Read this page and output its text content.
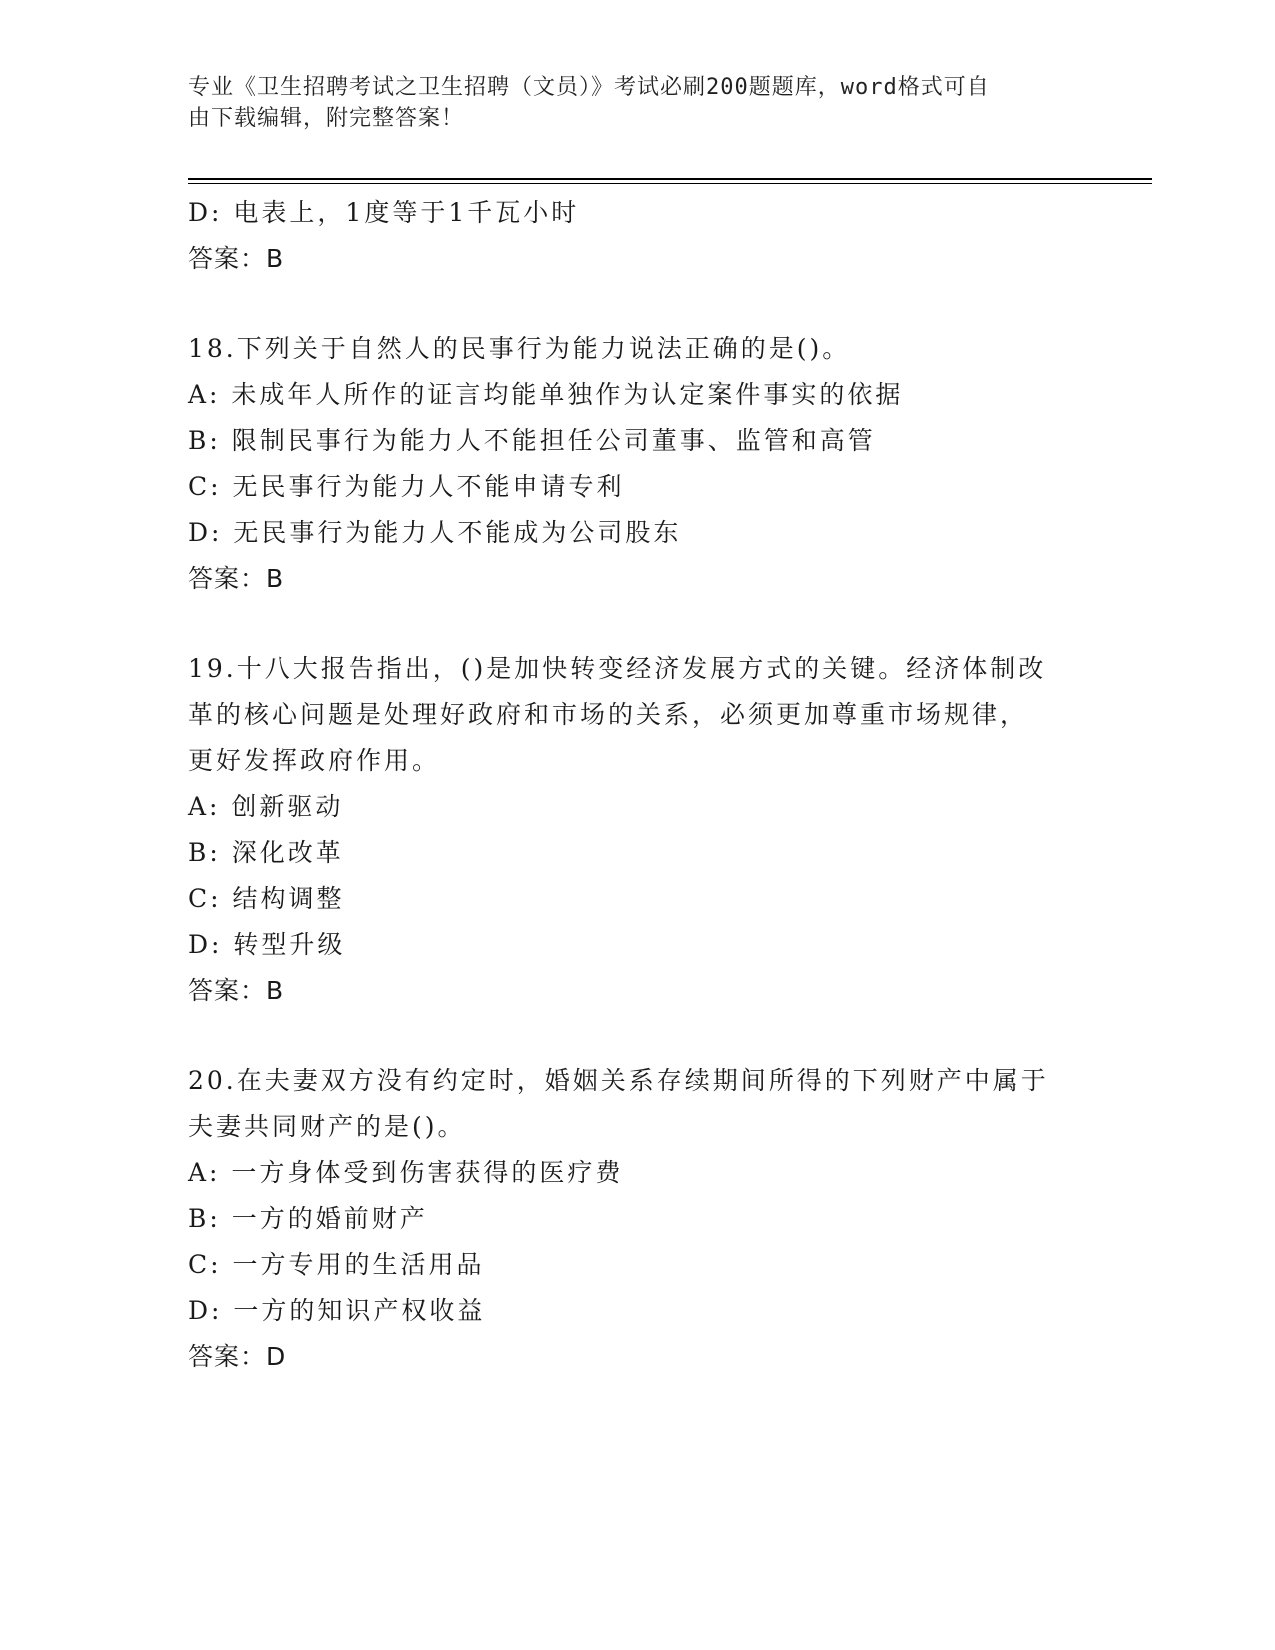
专业《卫生招聘考试之卫生招聘（文员）》考试必刷200题题库，word格式可自
由下载编辑，附完整答案！
D: 电表上，1度等于1千瓦小时
答案：B
18.下列关于自然人的民事行为能力说法正确的是()。
A: 未成年人所作的证言均能单独作为认定案件事实的依据
B: 限制民事行为能力人不能担任公司董事、监管和高管
C: 无民事行为能力人不能申请专利
D: 无民事行为能力人不能成为公司股东
答案：B
19.十八大报告指出，()是加快转变经济发展方式的关键。经济体制改
革的核心问题是处理好政府和市场的关系，必须更加尊重市场规律，
更好发挥政府作用。
A: 创新驱动
B: 深化改革
C: 结构调整
D: 转型升级
答案：B
20.在夫妻双方没有约定时，婚姻关系存续期间所得的下列财产中属于
夫妻共同财产的是()。
A: 一方身体受到伤害获得的医疗费
B: 一方的婚前财产
C: 一方专用的生活用品
D: 一方的知识产权收益
答案：D
